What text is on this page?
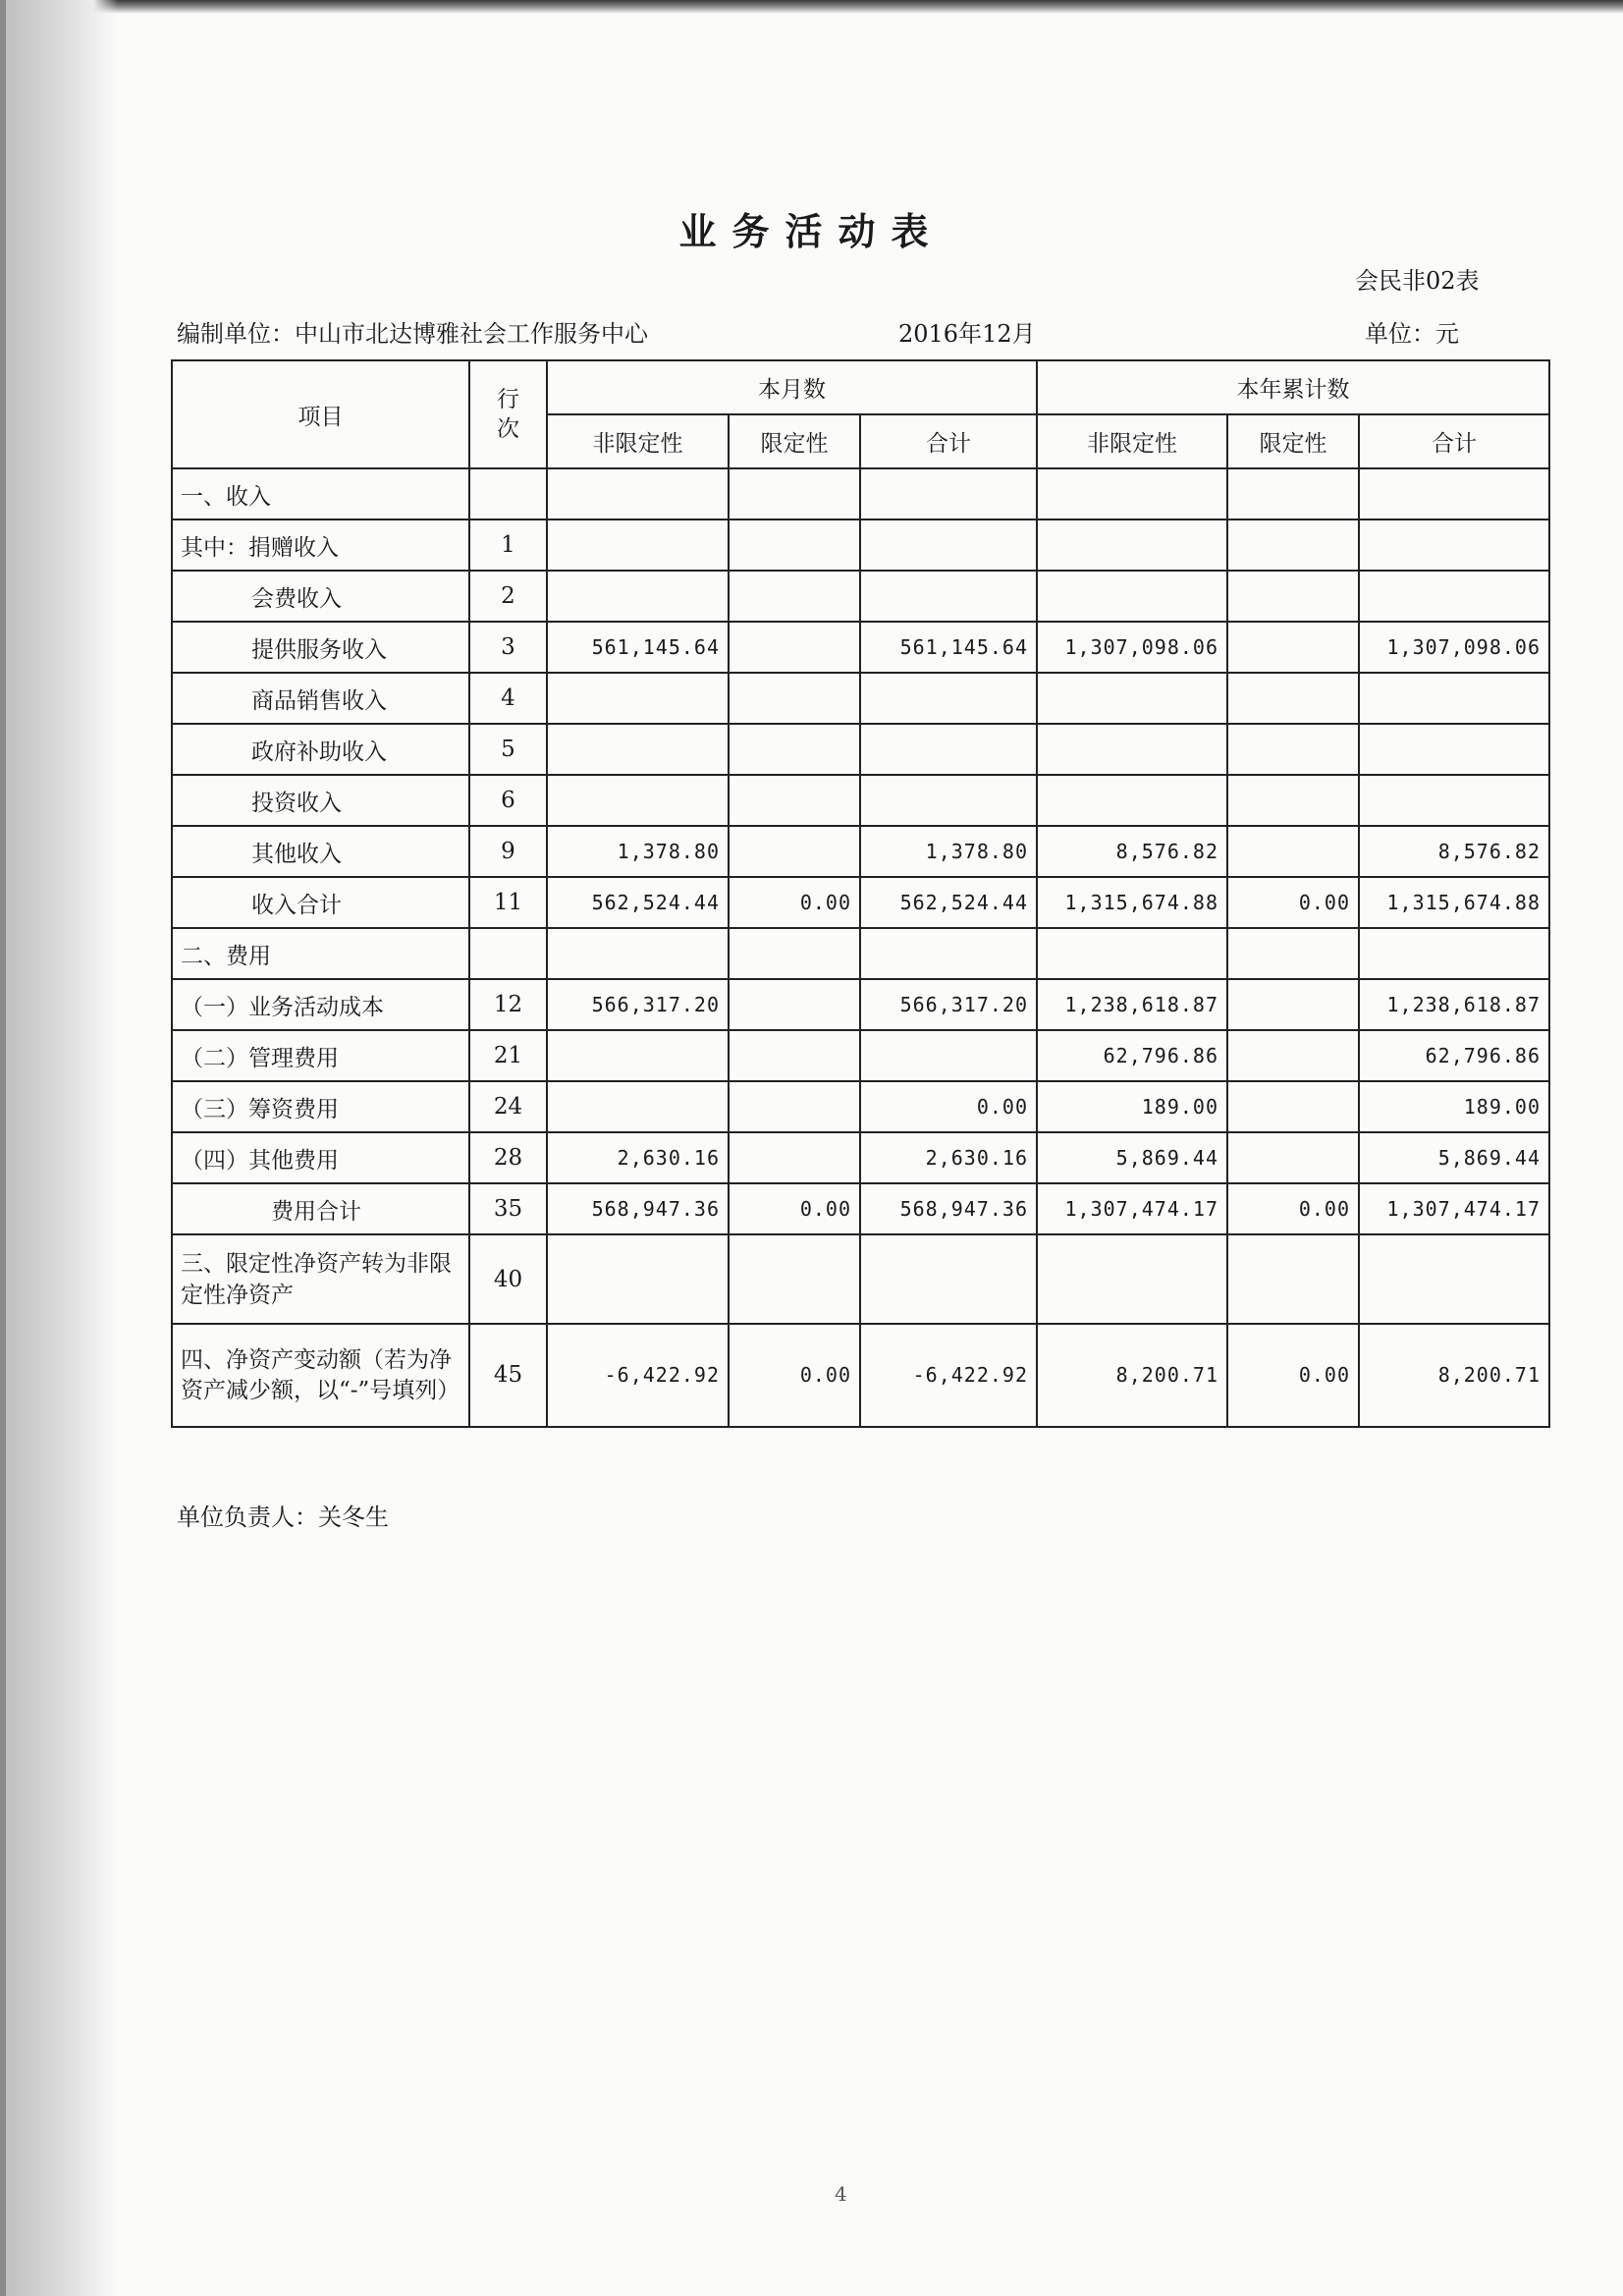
业务活动表
会民非02表
编制单位：中山市北达博雅社会工作服务中心	2016年12月	单位：元
项目	行次	本月数			本年累计数		
		非限定性	限定性	合计	非限定性	限定性	合计
一、收入							
其中：捐赠收入	1						
会费收入	2						
提供服务收入	3	561,145.64		561,145.64	1,307,098.06		1,307,098.06
商品销售收入	4						
政府补助收入	5						
投资收入	6						
其他收入	9	1,378.80		1,378.80	8,576.82		8,576.82
收入合计	11	562,524.44	0.00	562,524.44	1,315,674.88	0.00	1,315,674.88
二、费用							
（一）业务活动成本	12	566,317.20		566,317.20	1,238,618.87		1,238,618.87
（二）管理费用	21				62,796.86		62,796.86
（三）筹资费用	24			0.00	189.00		189.00
（四）其他费用	28	2,630.16		2,630.16	5,869.44		5,869.44
费用合计	35	568,947.36	0.00	568,947.36	1,307,474.17	0.00	1,307,474.17
三、限定性净资产转为非限定性净资产	40						
四、净资产变动额（若为净资产减少额，以“-”号填列）	45	-6,422.92	0.00	-6,422.92	8,200.71	0.00	8,200.71
单位负责人：关冬生
4
